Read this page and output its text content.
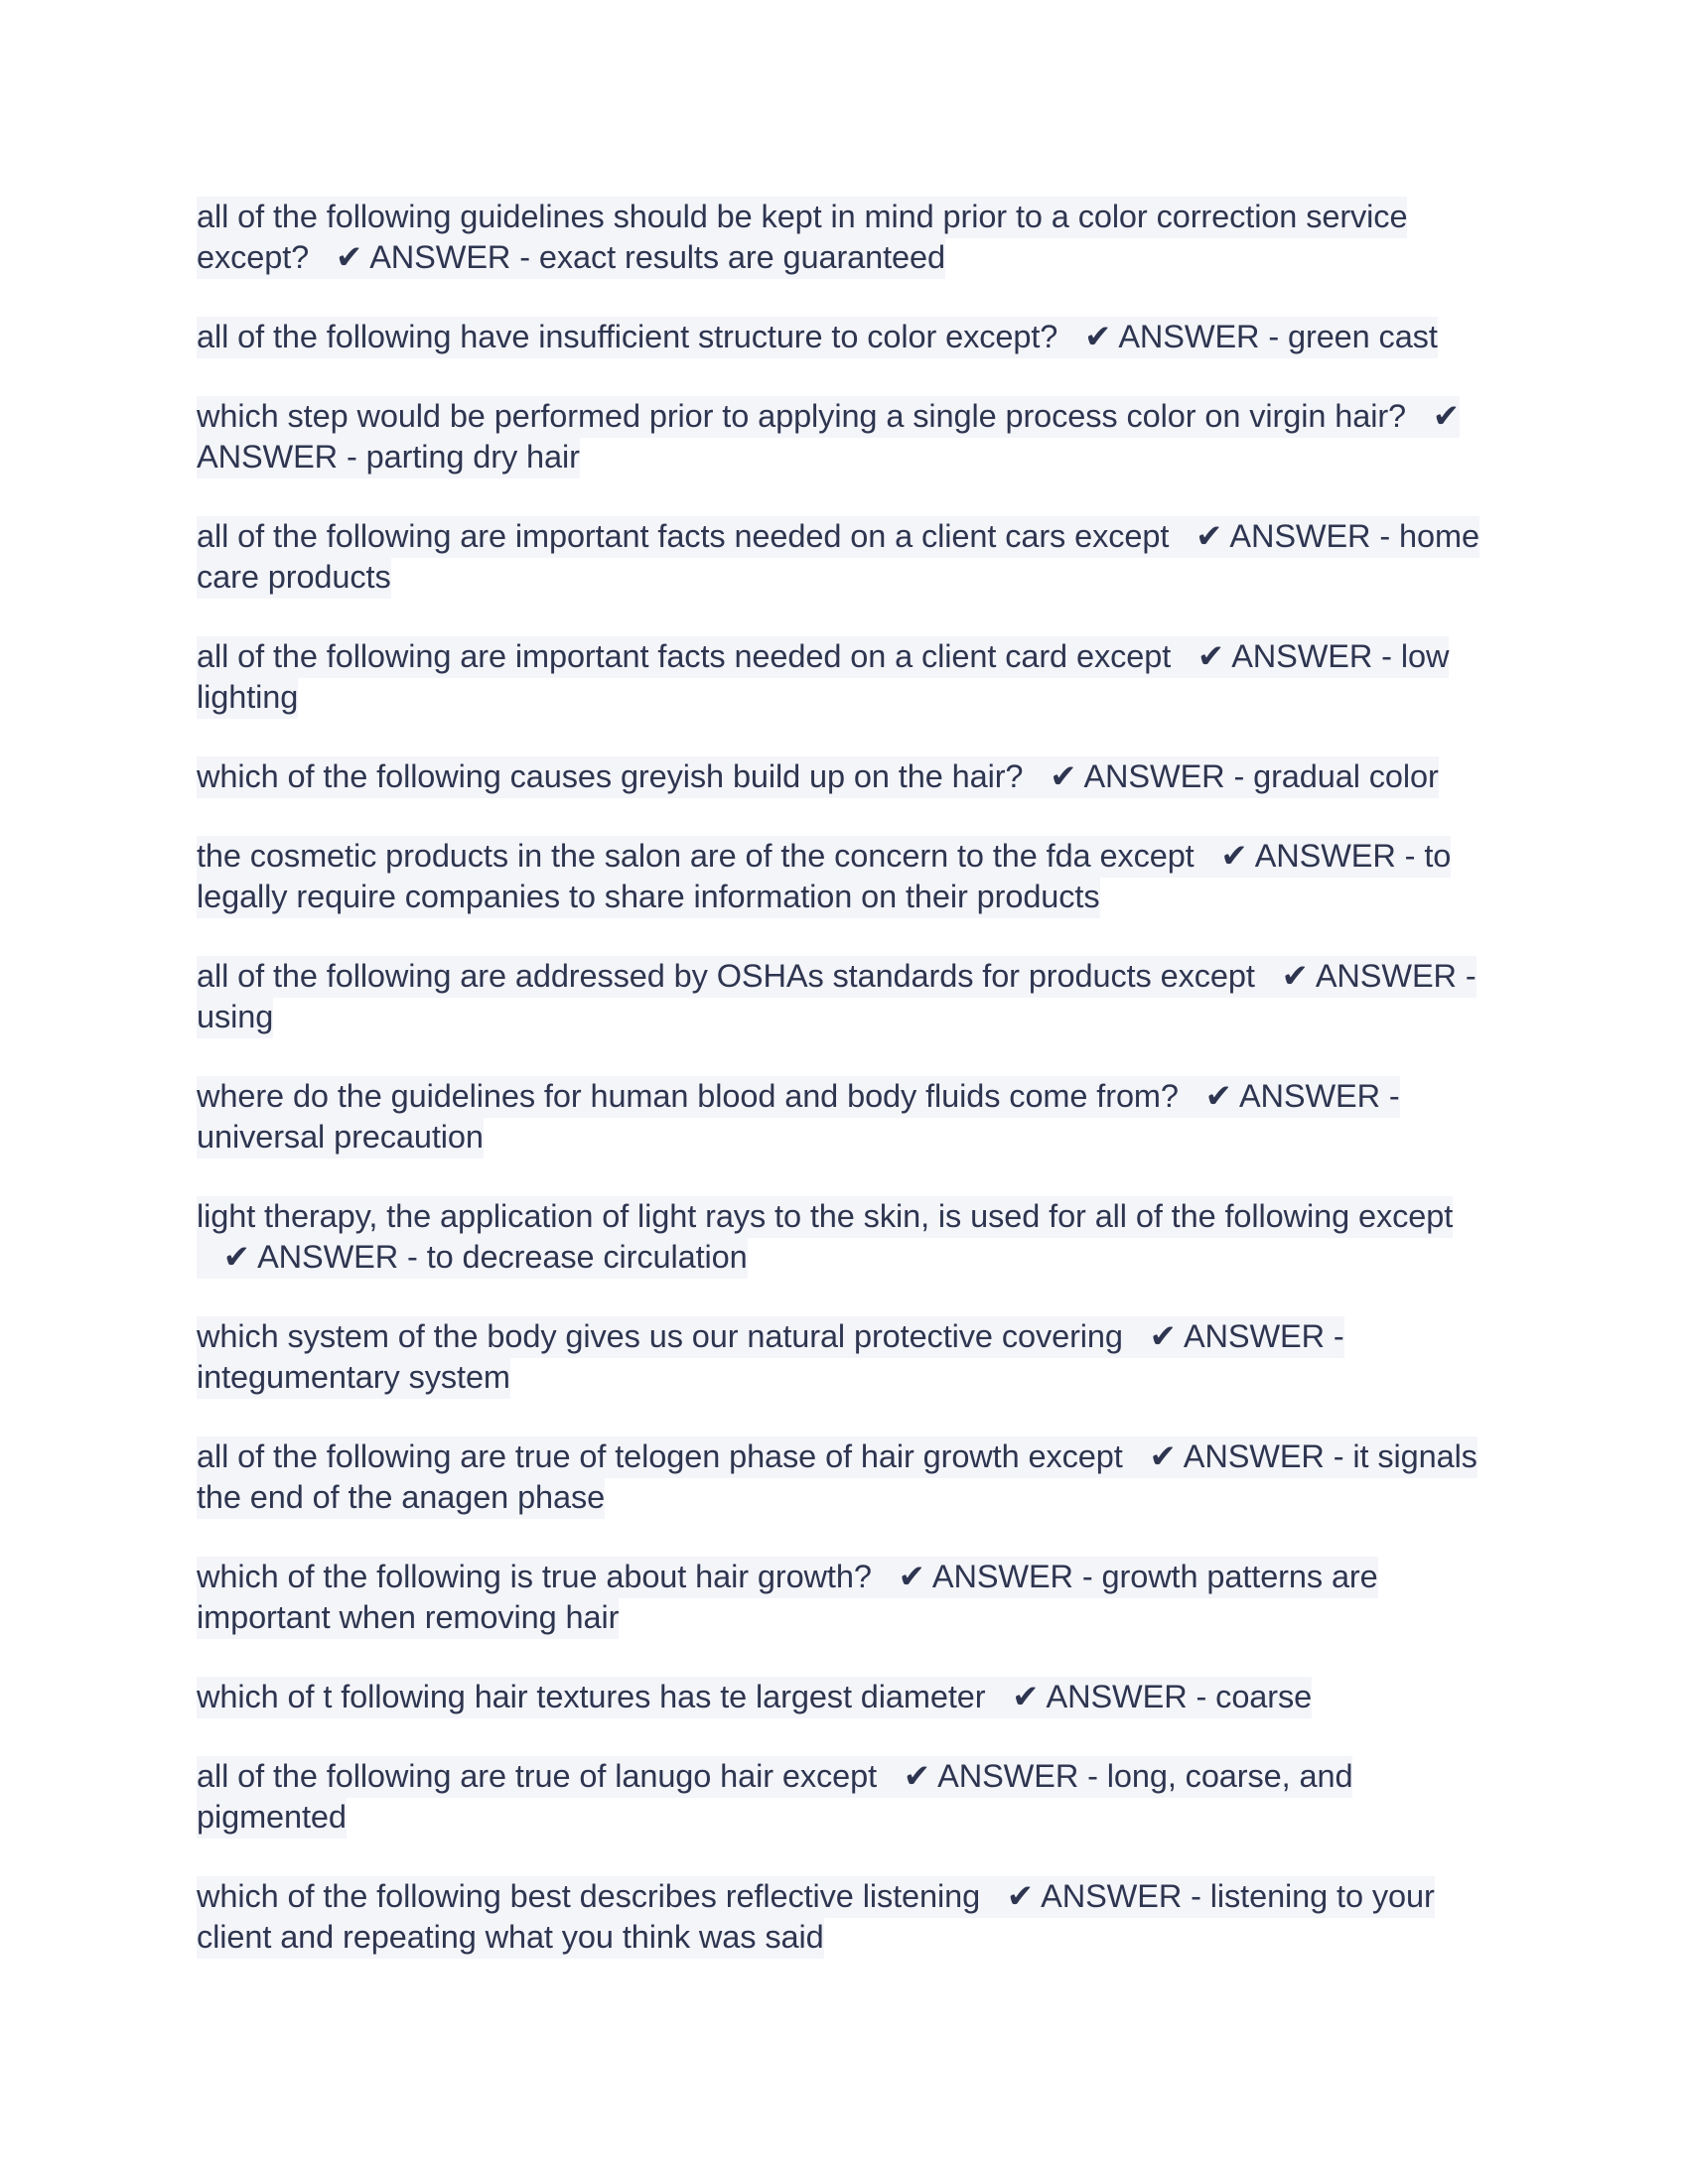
all of the following guidelines should be kept in mind prior to a color correction service except? ✔ ANSWER - exact results are guaranteed

all of the following have insufficient structure to color except? ✔ ANSWER - green cast

which step would be performed prior to applying a single process color on virgin hair? ✔ ANSWER - parting dry hair

all of the following are important facts needed on a client cars except ✔ ANSWER - home care products

all of the following are important facts needed on a client card except ✔ ANSWER - low lighting

which of the following causes greyish build up on the hair? ✔ ANSWER - gradual color

the cosmetic products in the salon are of the concern to the fda except ✔ ANSWER - to legally require companies to share information on their products

all of the following are addressed by OSHAs standards for products except ✔ ANSWER - using

where do the guidelines for human blood and body fluids come from? ✔ ANSWER - universal precaution

light therapy, the application of light rays to the skin, is used for all of the following except   ✔ ANSWER - to decrease circulation

which system of the body gives us our natural protective covering ✔ ANSWER - integumentary system

all of the following are true of telogen phase of hair growth except ✔ ANSWER - it signals the end of the anagen phase

which of the following is true about hair growth? ✔ ANSWER - growth patterns are important when removing hair

which of t following hair textures has te largest diameter ✔ ANSWER - coarse

all of the following are true of lanugo hair except ✔ ANSWER - long, coarse, and pigmented

which of the following best describes reflective listening ✔ ANSWER - listening to your client and repeating what you think was said
